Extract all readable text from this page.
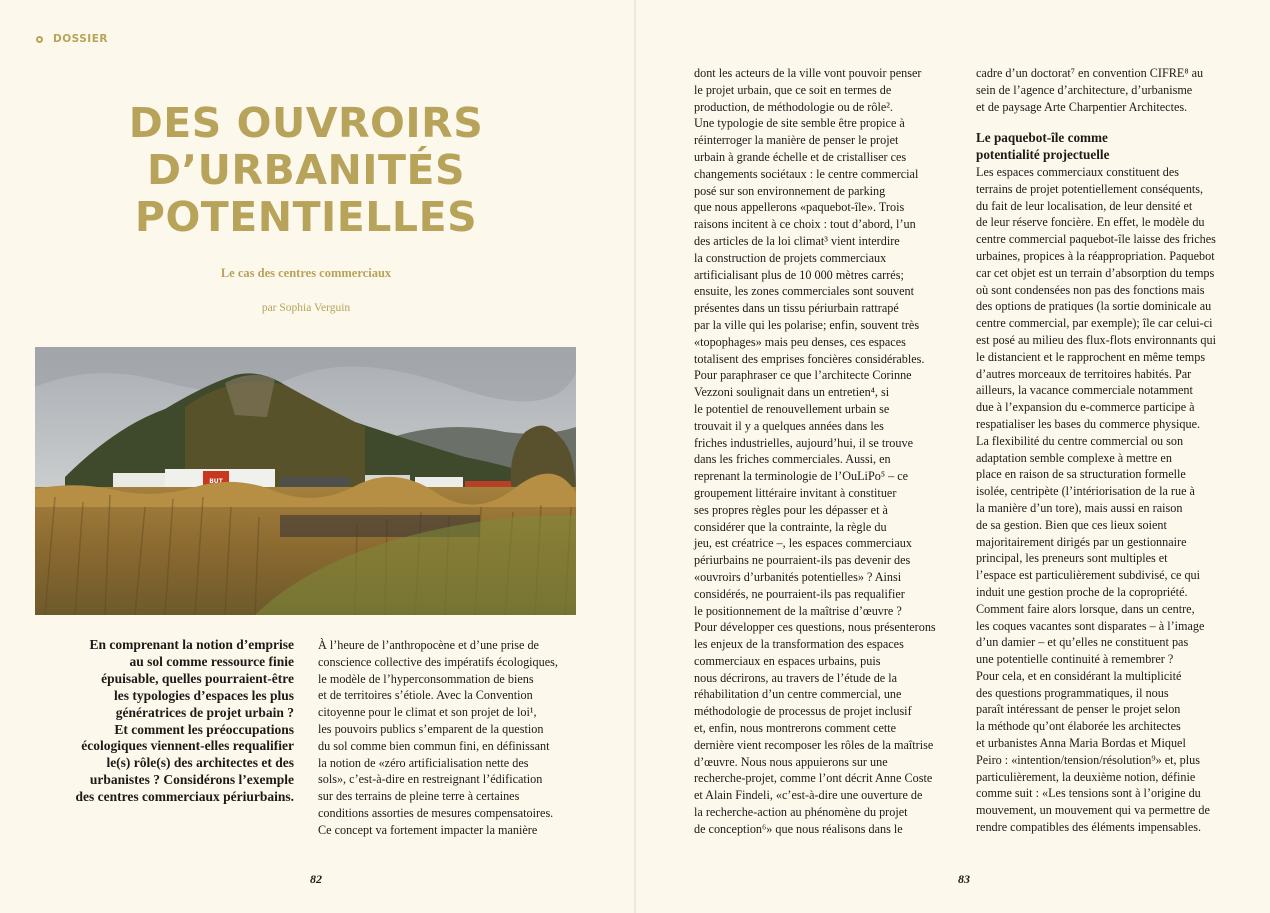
DOSSIER
DES OUVROIRS
D’URBANITÉS
POTENTIELLES
Le cas des centres commerciaux
par Sophia Verguin
BUT
En comprenant la notion d’emprise
au sol comme ressource finie
épuisable, quelles pourraient-être
les typologies d’espaces les plus
génératrices de projet urbain ?
Et comment les préoccupations
écologiques viennent-elles requalifier
le(s) rôle(s) des architectes et des
urbanistes ? Considérons l’exemple
des centres commerciaux périurbains.
À l’heure de l’anthropocène et d’une prise de
conscience collective des impératifs écologiques,
le modèle de l’hyperconsommation de biens
et de territoires s’étiole. Avec la Convention
citoyenne pour le climat et son projet de loi¹,
les pouvoirs publics s’emparent de la question
du sol comme bien commun fini, en définissant
la notion de «zéro artificialisation nette des
sols», c’est-à-dire en restreignant l’édification
sur des terrains de pleine terre à certaines
conditions assorties de mesures compensatoires.
Ce concept va fortement impacter la manière
dont les acteurs de la ville vont pouvoir penser
le projet urbain, que ce soit en termes de
production, de méthodologie ou de rôle².
Une typologie de site semble être propice à
réinterroger la manière de penser le projet
urbain à grande échelle et de cristalliser ces
changements sociétaux : le centre commercial
posé sur son environnement de parking
que nous appellerons «paquebot-île». Trois
raisons incitent à ce choix : tout d’abord, l’un
des articles de la loi climat³ vient interdire
la construction de projets commerciaux
artificialisant plus de 10 000 mètres carrés;
ensuite, les zones commerciales sont souvent
présentes dans un tissu périurbain rattrapé
par la ville qui les polarise; enfin, souvent très
«topophages» mais peu denses, ces espaces
totalisent des emprises foncières considérables.
Pour paraphraser ce que l’architecte Corinne
Vezzoni soulignait dans un entretien⁴, si
le potentiel de renouvellement urbain se
trouvait il y a quelques années dans les
friches industrielles, aujourd’hui, il se trouve
dans les friches commerciales. Aussi, en
reprenant la terminologie de l’OuLiPo⁵ – ce
groupement littéraire invitant à constituer
ses propres règles pour les dépasser et à
considérer que la contrainte, la règle du
jeu, est créatrice –, les espaces commerciaux
périurbains ne pourraient-ils pas devenir des
«ouvroirs d’urbanités potentielles» ? Ainsi
considérés, ne pourraient-ils pas requalifier
le positionnement de la maîtrise d’œuvre ?
Pour développer ces questions, nous présenterons
les enjeux de la transformation des espaces
commerciaux en espaces urbains, puis
nous décrirons, au travers de l’étude de la
réhabilitation d’un centre commercial, une
méthodologie de processus de projet inclusif
et, enfin, nous montrerons comment cette
dernière vient recomposer les rôles de la maîtrise
d’œuvre. Nous nous appuierons sur une
recherche-projet, comme l’ont décrit Anne Coste
et Alain Findeli, «c’est-à-dire une ouverture de
la recherche-action au phénomène du projet
de conception⁶» que nous réalisons dans le
cadre d’un doctorat⁷ en convention CIFRE⁸ au
sein de l’agence d’architecture, d’urbanisme
et de paysage Arte Charpentier Architectes.
Le paquebot-île comme
potentialité projectuelle
Les espaces commerciaux constituent des
terrains de projet potentiellement conséquents,
du fait de leur localisation, de leur densité et
de leur réserve foncière. En effet, le modèle du
centre commercial paquebot-île laisse des friches
urbaines, propices à la réappropriation. Paquebot
car cet objet est un terrain d’absorption du temps
où sont condensées non pas des fonctions mais
des options de pratiques (la sortie dominicale au
centre commercial, par exemple); île car celui-ci
est posé au milieu des flux-flots environnants qui
le distancient et le rapprochent en même temps
d’autres morceaux de territoires habités. Par
ailleurs, la vacance commerciale notamment
due à l’expansion du e-commerce participe à
respatialiser les bases du commerce physique.
La flexibilité du centre commercial ou son
adaptation semble complexe à mettre en
place en raison de sa structuration formelle
isolée, centripète (l’intériorisation de la rue à
la manière d’un tore), mais aussi en raison
de sa gestion. Bien que ces lieux soient
majoritairement dirigés par un gestionnaire
principal, les preneurs sont multiples et
l’espace est particulièrement subdivisé, ce qui
induit une gestion proche de la copropriété.
Comment faire alors lorsque, dans un centre,
les coques vacantes sont disparates – à l’image
d’un damier – et qu’elles ne constituent pas
une potentielle continuité à remembrer ?
Pour cela, et en considérant la multiplicité
des questions programmatiques, il nous
paraît intéressant de penser le projet selon
la méthode qu’ont élaborée les architectes
et urbanistes Anna Maria Bordas et Miquel
Peiro : «intention/tension/résolution⁹» et, plus
particulièrement, la deuxième notion, définie
comme suit : «Les tensions sont à l’origine du
mouvement, un mouvement qui va permettre de
rendre compatibles des éléments impensables.
82	83
